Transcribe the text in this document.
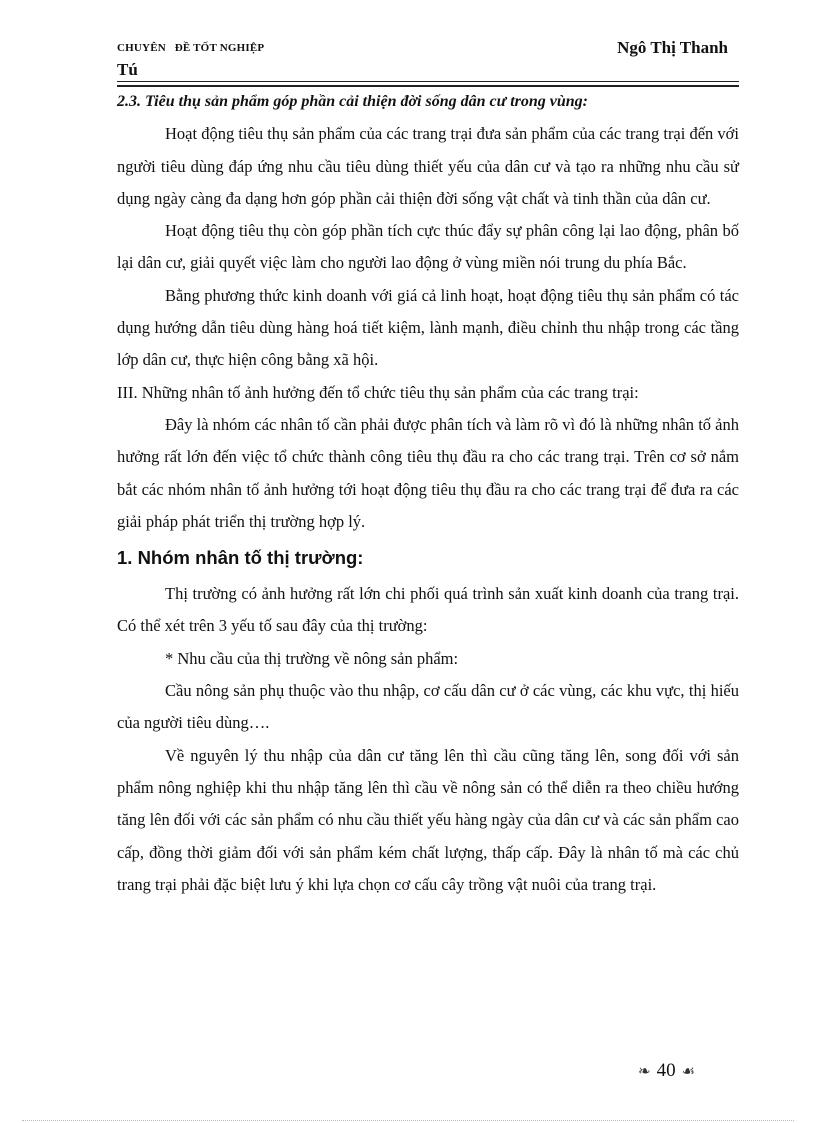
CHUYÊN   ĐỀ TỐT NGHIỆP	Ngô Thị Thanh
Tú

2.3. Tiêu thụ sản phẩm góp phần cải thiện đời sống dân cư trong vùng:

Hoạt động tiêu thụ sản phẩm của các trang trại đưa sản phẩm của các trang trại đến với người tiêu dùng đáp ứng nhu cầu tiêu dùng thiết yếu của dân cư và tạo ra những nhu cầu sử dụng ngày càng đa dạng hơn góp phần cải thiện đời sống vật chất và tinh thần của dân cư.

Hoạt động tiêu thụ còn góp phần tích cực thúc đẩy sự phân công lại lao động, phân bố lại dân cư, giải quyết việc làm cho người lao động ở vùng miền nói trung du phía Bắc.

Bằng phương thức kinh doanh với giá cả linh hoạt, hoạt động tiêu thụ sản phẩm có tác dụng hướng dẫn tiêu dùng hàng hoá tiết kiệm, lành mạnh, điều chỉnh thu nhập trong các tầng lớp dân cư, thực hiện công bằng xã hội.

III. Những nhân tố ảnh hưởng đến tổ chức tiêu thụ sản phẩm của các trang trại:

Đây là nhóm các nhân tố cần phải được phân tích và làm rõ vì đó là những nhân tố ảnh hưởng rất lớn đến việc tổ chức thành công tiêu thụ đầu ra cho các trang trại. Trên cơ sở nắm bắt các nhóm nhân tố ảnh hưởng tới hoạt động tiêu thụ đầu ra cho các trang trại để đưa ra các giải pháp phát triển thị trường hợp lý.

1. Nhóm nhân tố thị trường:

Thị trường có ảnh hưởng rất lớn chi phối quá trình sản xuất kinh doanh của trang trại. Có thể xét trên 3 yếu tố sau đây của thị trường:

* Nhu cầu của thị trường về nông sản phẩm:

Cầu nông sản phụ thuộc vào thu nhập, cơ cấu dân cư ở các vùng, các khu vực, thị hiếu của người tiêu dùng….

Về nguyên lý thu nhập của dân cư tăng lên thì cầu cũng tăng lên, song đối với sản phẩm nông nghiệp khi thu nhập tăng lên thì cầu về nông sản có thể diễn ra theo chiều hướng tăng lên đối với các sản phẩm có nhu cầu thiết yếu hàng ngày của dân cư và các sản phẩm cao cấp, đồng thời giảm đối với sản phẩm kém chất lượng, thấp cấp. Đây là nhân tố mà các chủ trang trại phải đặc biệt lưu ý khi lựa chọn cơ cấu cây trồng vật nuôi của trang trại.

❧ 40 ☙
